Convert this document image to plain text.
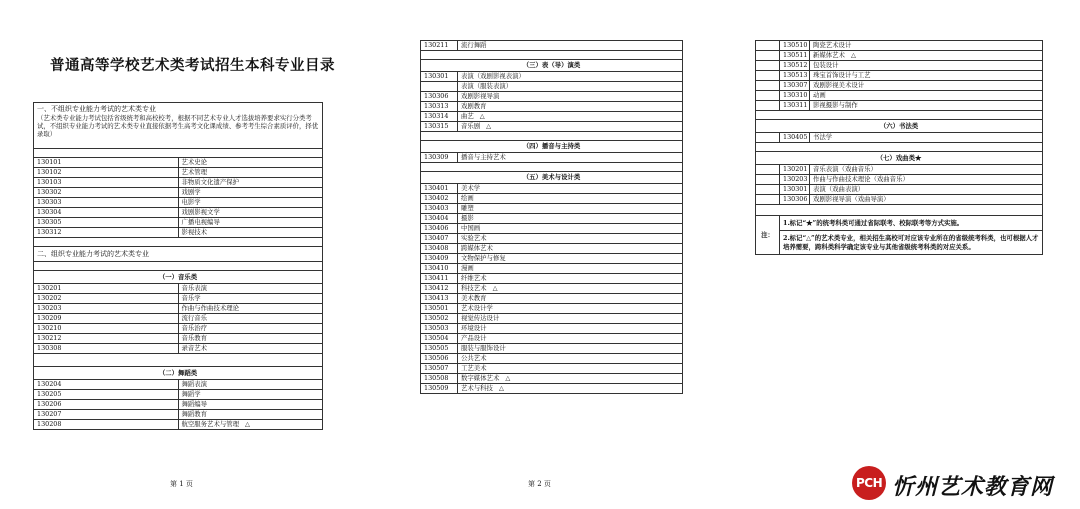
普通高等学校艺术类考试招生本科专业目录
一、不组织专业能力考试的艺术类专业
（艺术类专业能力考试包括省级统考和高校校考，根据不同艺术专业人才选拔培养要求实行分类考试，不组织专业能力考试的艺术类专业直接依据考生高考文化课成绩、参考考生综合素质评价，择优录取）	

130101	艺术史论
130102	艺术管理
130103	非物质文化遗产保护
130302	戏剧学
130303	电影学
130304	戏剧影视文学
130305	广播电视编导
130312	影视技术

二、组织专业能力考试的艺术类专业	

（一）音乐类	
130201	音乐表演
130202	音乐学
130203	作曲与作曲技术理论
130209	流行音乐
130210	音乐治疗
130212	音乐教育
130308	录音艺术

（二）舞蹈类	
130204	舞蹈表演
130205	舞蹈学
130206	舞蹈编导
130207	舞蹈教育
130208	航空服务艺术与管理 △
第 1 页
130211	流行舞蹈

（三）表（导）演类	
130301	表演（戏剧影视表演）
	表演（服装表演）
130306	戏剧影视导演
130313	戏剧教育
130314	曲艺 △
130315	音乐剧 △

（四）播音与主持类	
130309	播音与主持艺术

（五）美术与设计类	
130401	美术学
130402	绘画
130403	雕塑
130404	摄影
130406	中国画
130407	实验艺术
130408	跨媒体艺术
130409	文物保护与修复
130410	漫画
130411	纤维艺术
130412	科技艺术 △
130413	美术教育
130501	艺术设计学
130502	视觉传达设计
130503	环境设计
130504	产品设计
130505	服装与服饰设计
130506	公共艺术
130507	工艺美术
130508	数字媒体艺术 △
130509	艺术与科技 △
第 2 页
	130510	陶瓷艺术设计
	130511	新媒体艺术 △
	130512	包装设计
	130513	珠宝首饰设计与工艺
	130307	戏剧影视美术设计
	130310	动画
	130311	影视摄影与制作

（六）书法类		
	130405	书法学

（七）戏曲类★		
	130201	音乐表演（戏曲音乐）
	130203	作曲与作曲技术理论（戏曲音乐）
	130301	表演（戏曲表演）
	130306	戏剧影视导演（戏曲导演）

注：	1.标记“★”的统考科类可通过省际联考、校际联考等方式实施。	
	2.标记“△”的艺术类专业，相关招生高校可对应该专业所在的省级统考科类，也可根据人才培养需要，跨科类科学确定该专业与其他省级统考科类的对应关系。	
PCH 忻州艺术教育网
